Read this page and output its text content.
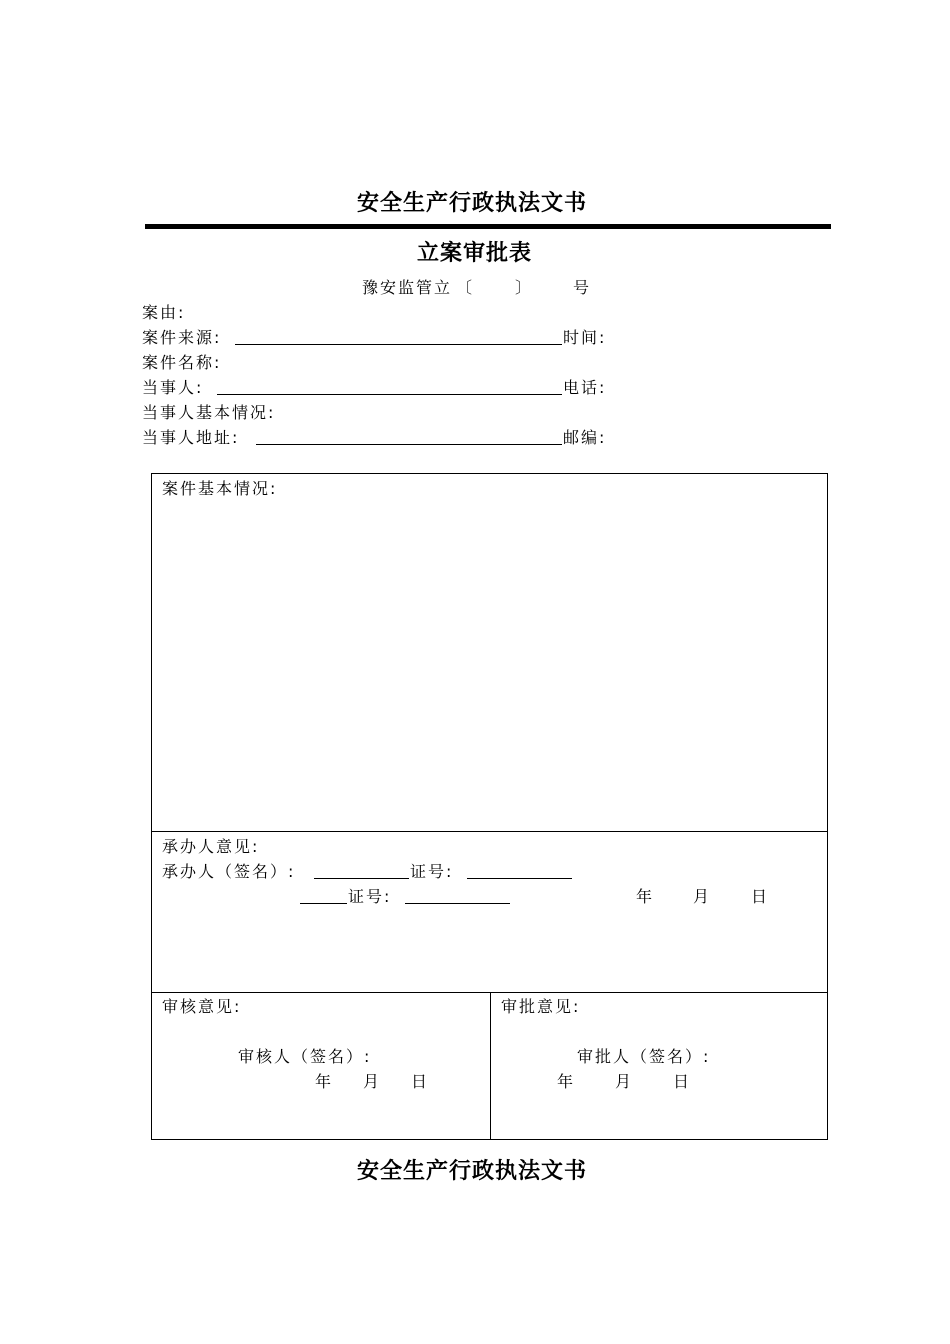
安全生产行政执法文书
立案审批表
豫安监管立 〔	〕 号
案由:
案件来源:	时间:
案件名称:
当事人:	电话:
当事人基本情况:
当事人地址:	邮编:
案件基本情况:
承办人意见:
承办人（签名）:	证号:
证号:	年 月 日
审核意见:
审核人（签名）:
年 月 日
审批意见:
审批人（签名）:
年 月 日
安全生产行政执法文书
